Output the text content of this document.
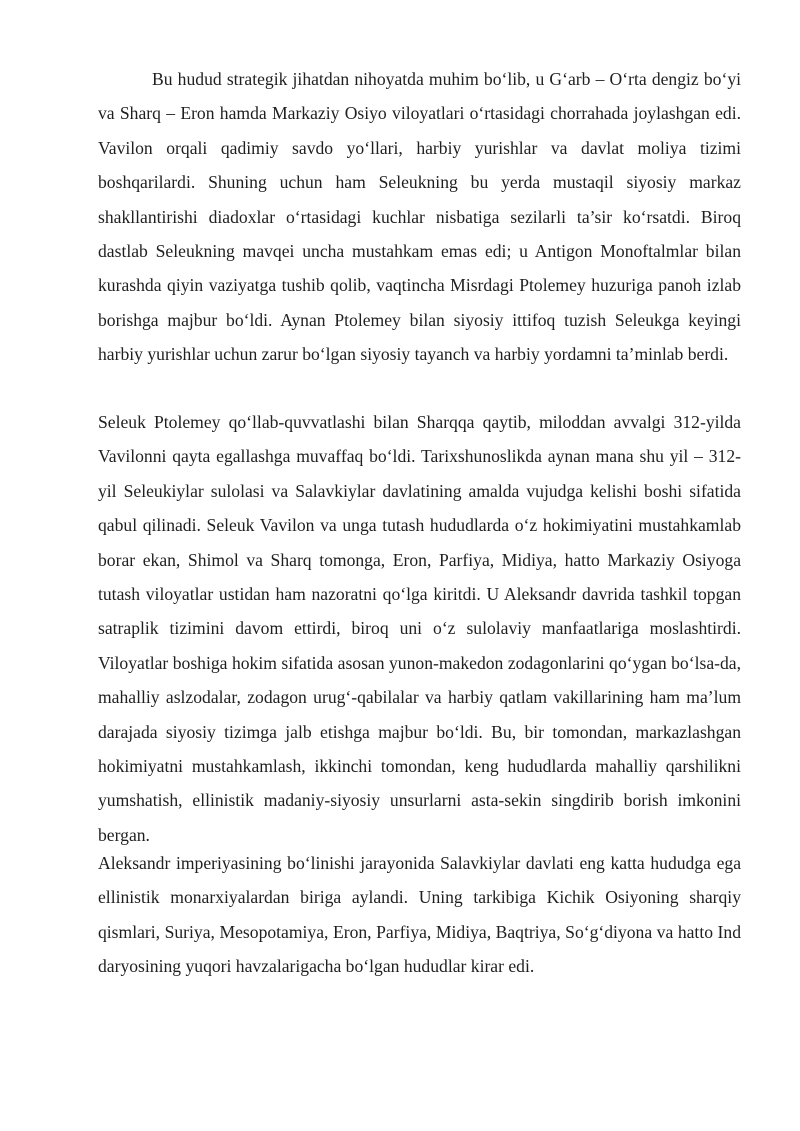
Bu hudud strategik jihatdan nihoyatda muhim bo‘lib, u G‘arb – O‘rta dengiz bo‘yi va Sharq – Eron hamda Markaziy Osiyo viloyatlari o‘rtasidagi chorrahada joylashgan edi. Vavilon orqali qadimiy savdo yo‘llari, harbiy yurishlar va davlat moliya tizimi boshqarilardi. Shuning uchun ham Seleukning bu yerda mustaqil siyosiy markaz shakllantirishi diadoxlar o‘rtasidagi kuchlar nisbatiga sezilarli ta’sir ko‘rsatdi. Biroq dastlab Seleukning mavqei uncha mustahkam emas edi; u Antigon Monoftalmlar bilan kurashda qiyin vaziyatga tushib qolib, vaqtincha Misrdagi Ptolemey huzuriga panoh izlab borishga majbur bo‘ldi. Aynan Ptolemey bilan siyosiy ittifoq tuzish Seleukga keyingi harbiy yurishlar uchun zarur bo‘lgan siyosiy tayanch va harbiy yordamni ta’minlab berdi.

Seleuk Ptolemey qo‘llab-quvvatlashi bilan Sharqqa qaytib, miloddan avvalgi 312-yilda Vavilonni qayta egallashga muvaffaq bo‘ldi. Tarixshunoslikda aynan mana shu yil – 312-yil Seleukiylar sulolasi va Salavkiylar davlatining amalda vujudga kelishi boshi sifatida qabul qilinadi. Seleuk Vavilon va unga tutash hududlarda o‘z hokimiyatini mustahkamlab borar ekan, Shimol va Sharq tomonga, Eron, Parfiya, Midiya, hatto Markaziy Osiyoga tutash viloyatlar ustidan ham nazoratni qo‘lga kiritdi. U Aleksandr davrida tashkil topgan satraplik tizimini davom ettirdi, biroq uni o‘z sulolaviy manfaatlariga moslashtirdi. Viloyatlar boshiga hokim sifatida asosan yunon-makedon zodagonlarini qo‘ygan bo‘lsa-da, mahalliy aslzodalar, zodagon urug‘-qabilalar va harbiy qatlam vakillarining ham ma’lum darajada siyosiy tizimga jalb etishga majbur bo‘ldi. Bu, bir tomondan, markazlashgan hokimiyatni mustahkamlash, ikkinchi tomondan, keng hududlarda mahalliy qarshilikni yumshatish, ellinistik madaniy-siyosiy unsurlarni asta-sekin singdirib borish imkonini bergan.

Aleksandr imperiyasining bo‘linishi jarayonida Salavkiylar davlati eng katta hududga ega ellinistik monarxiyalardan biriga aylandi. Uning tarkibiga Kichik Osiyoning sharqiy qismlari, Suriya, Mesopotamiya, Eron, Parfiya, Midiya, Baqtriya, So‘g‘diyona va hatto Ind daryosining yuqori havzalarigacha bo‘lgan hududlar kirar edi.
